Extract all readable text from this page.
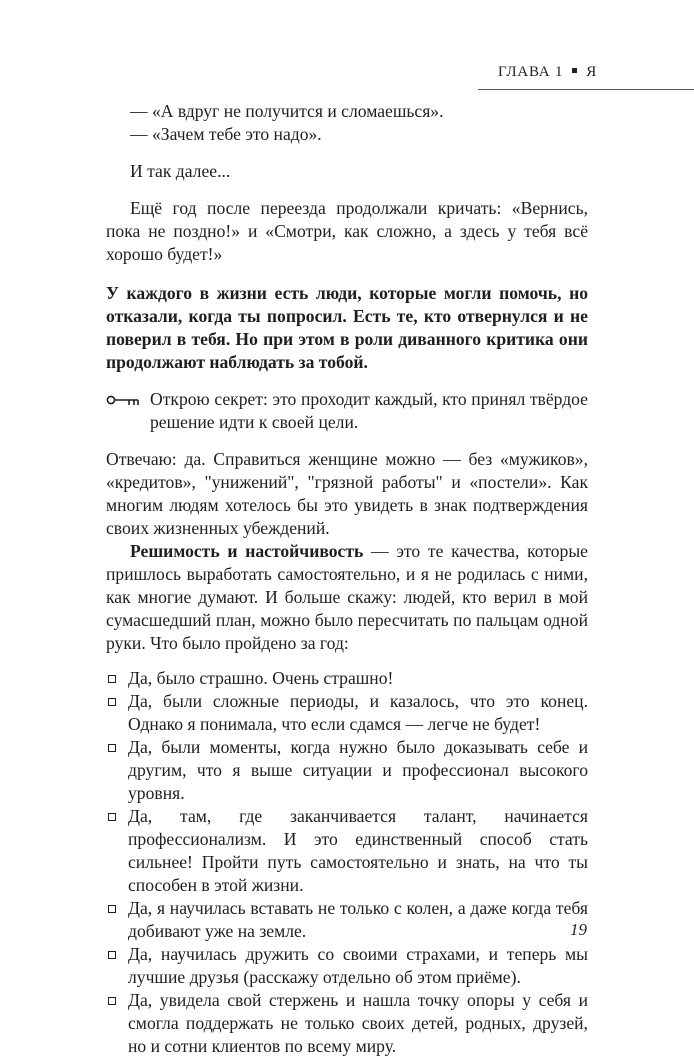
ГЛАВА 1 Я

— «А вдруг не получится и сломаешься».

— «Зачем тебе это надо».

И так далее...

Ещё год после переезда продолжали кричать: «Вернись, пока не поздно!» и «Смотри, как сложно, а здесь у тебя всё хорошо будет!»

У каждого в жизни есть люди, которые могли помочь, но отказали, когда ты попросил. Есть те, кто отвернулся и не поверил в тебя. Но при этом в роли диванного критика они продолжают наблюдать за тобой.

Открою секрет: это проходит каждый, кто принял твёрдое решение идти к своей цели.

Отвечаю: да. Справиться женщине можно — без «мужиков», «кредитов», "унижений", "грязной работы" и «постели». Как многим людям хотелось бы это увидеть в знак подтверждения своих жизненных убеждений.

Решимость и настойчивость — это те качества, которые пришлось выработать самостоятельно, и я не родилась с ними, как многие думают. И больше скажу: людей, кто верил в мой сумасшедший план, можно было пересчитать по пальцам одной руки. Что было пройдено за год:

Да, было страшно. Очень страшно!
Да, были сложные периоды, и казалось, что это конец. Однако я понимала, что если сдамся — легче не будет!
Да, были моменты, когда нужно было доказывать себе и другим, что я выше ситуации и профессионал высокого уровня.
Да, там, где заканчивается талант, начинается профессионализм. И это единственный способ стать сильнее! Пройти путь самостоятельно и знать, на что ты способен в этой жизни.
Да, я научилась вставать не только с колен, а даже когда тебя добивают уже на земле.
Да, научилась дружить со своими страхами, и теперь мы лучшие друзья (расскажу отдельно об этом приёме).
Да, увидела свой стержень и нашла точку опоры у себя и смогла поддержать не только своих детей, родных, друзей, но и сотни клиентов по всему миру.
19
